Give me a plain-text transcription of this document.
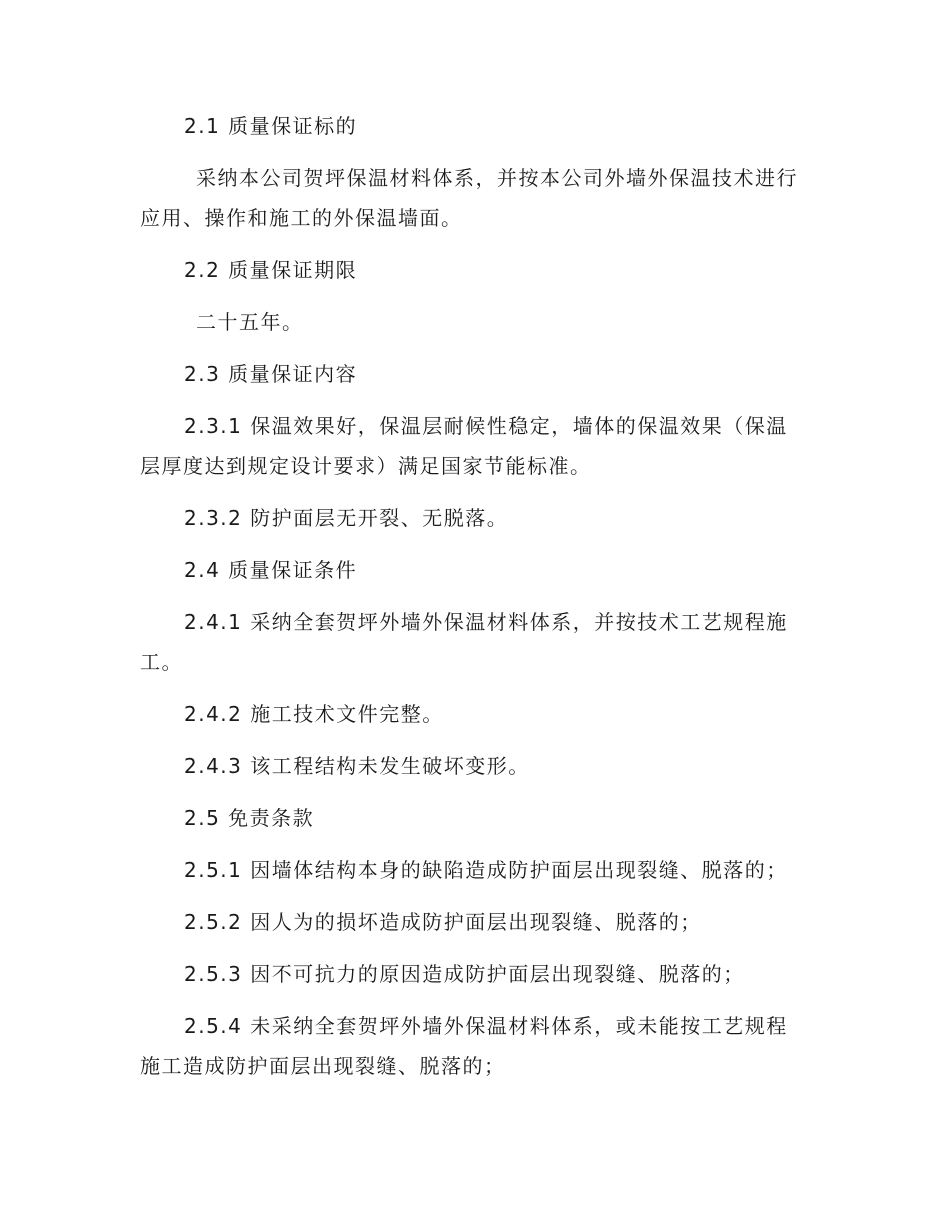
2.1 质量保证标的
采纳本公司贺坪保温材料体系，并按本公司外墙外保温技术进行
应用、操作和施工的外保温墙面。
2.2 质量保证期限
二十五年。
2.3 质量保证内容
2.3.1 保温效果好，保温层耐候性稳定，墙体的保温效果（保温
层厚度达到规定设计要求）满足国家节能标准。
2.3.2 防护面层无开裂、无脱落。
2.4 质量保证条件
2.4.1 采纳全套贺坪外墙外保温材料体系，并按技术工艺规程施
工。
2.4.2 施工技术文件完整。
2.4.3 该工程结构未发生破坏变形。
2.5 免责条款
2.5.1 因墙体结构本身的缺陷造成防护面层出现裂缝、脱落的；
2.5.2 因人为的损坏造成防护面层出现裂缝、脱落的；
2.5.3 因不可抗力的原因造成防护面层出现裂缝、脱落的；
2.5.4 未采纳全套贺坪外墙外保温材料体系，或未能按工艺规程
施工造成防护面层出现裂缝、脱落的；
